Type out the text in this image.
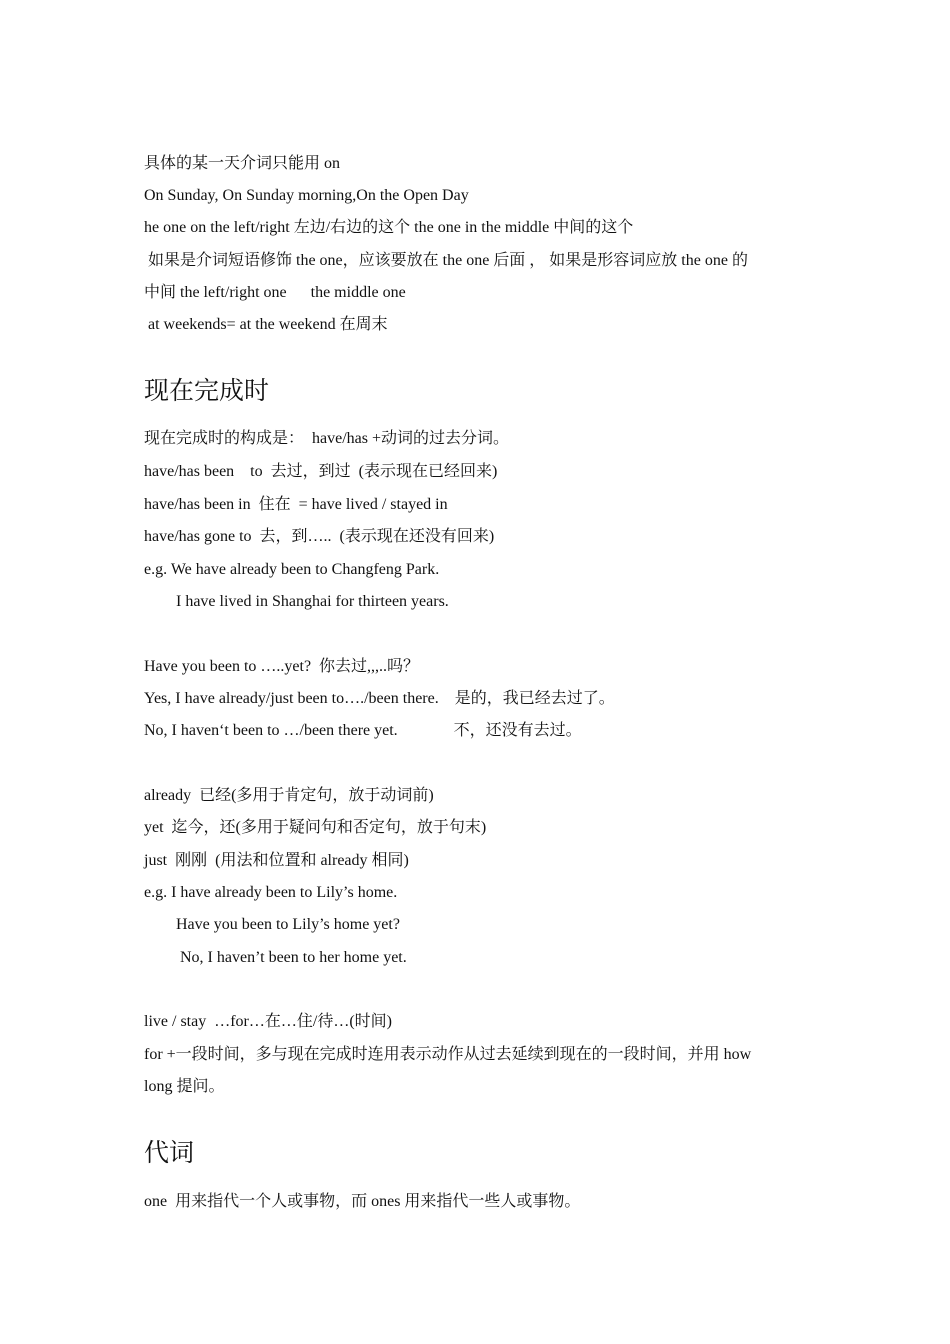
具体的某一天介词只能用 on
On Sunday, On Sunday morning,On the Open Day
he one on the left/right 左边/右边的这个 the one in the middle 中间的这个
如果是介词短语修饰 the one，应该要放在 the one 后面 ， 如果是形容词应放 the one 的
中间 the left/right one      the middle one
at weekends= at the weekend 在周末
现在完成时
现在完成时的构成是：  have/has +动词的过去分词。
have/has been    to  去过，到过  (表示现在已经回来)
have/has been in  住在  = have lived / stayed in
have/has gone to  去，到…..  (表示现在还没有回来)
e.g. We have already been to Changfeng Park.
I have lived in Shanghai for thirteen years.
Have you been to …..yet?  你去过,,,..吗？
Yes, I have already/just been to…./been there.    是的，我已经去过了。
No, I haven‘t been to …/been there yet.              不，还没有去过。
already  已经(多用于肯定句，放于动词前)
yet  迄今，还(多用于疑问句和否定句，放于句末)
just  刚刚  (用法和位置和 already 相同)
e.g. I have already been to Lily’s home.
Have you been to Lily’s home yet?
No, I haven’t been to her home yet.
live / stay  …for…在…住/待…(时间)
for +一段时间，多与现在完成时连用表示动作从过去延续到现在的一段时间，并用 how
long 提问。
代词
one  用来指代一个人或事物，而 ones 用来指代一些人或事物。
